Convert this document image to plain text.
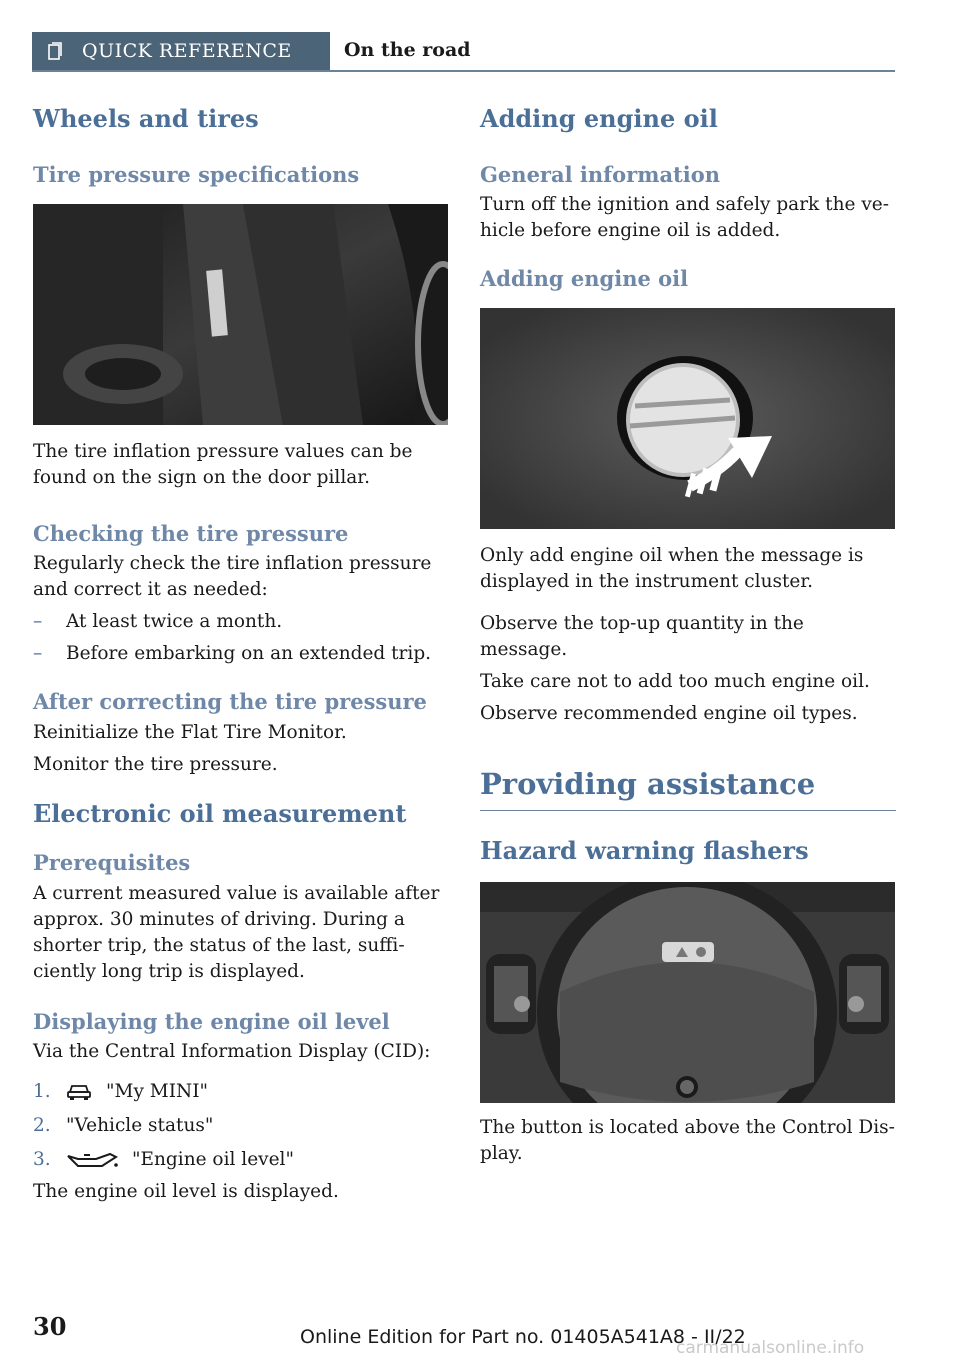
QUICK REFERENCE	On the road
Wheels and tires
Tire pressure specifications

The tire inflation pressure values can be found on the sign on the door pillar.

Checking the tire pressure

Regularly check the tire inflation pressure and correct it as needed:

– At least twice a month.
– Before embarking on an extended trip.
After correcting the tire pressure

Reinitialize the Flat Tire Monitor.

Monitor the tire pressure.

Electronic oil measurement
Prerequisites

A current measured value is available after approx. 30 minutes of driving. During a shorter trip, the status of the last, sufficiently long trip is displayed.

Displaying the engine oil level

Via the Central Information Display (CID):

1.	"My MINI"
2. "Vehicle status"
3.	"Engine oil level"

The engine oil level is displayed.

Adding engine oil
General information

Turn off the ignition and safely park the vehicle before engine oil is added.

Adding engine oil

Only add engine oil when the message is displayed in the instrument cluster.

Observe the top-up quantity in the message.

Take care not to add too much engine oil.

Observe recommended engine oil types.

Providing assistance
Hazard warning flashers

The button is located above the Control Display.

30	Online Edition for Part no. 01405A541A8 - II/22
carmanualsonline.info
